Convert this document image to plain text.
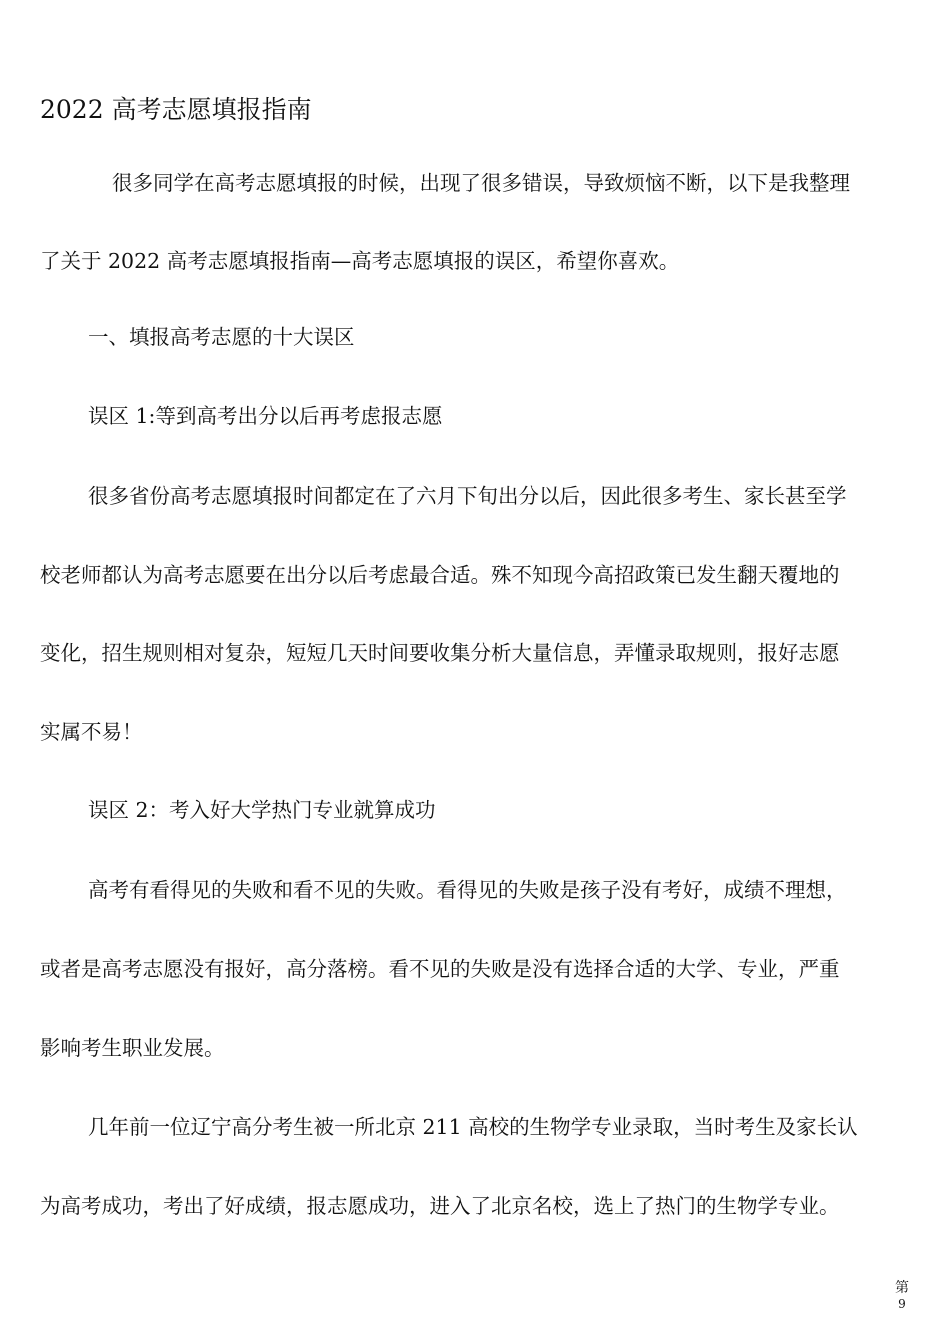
2022 高考志愿填报指南
很多同学在高考志愿填报的时候，出现了很多错误，导致烦恼不断，以下是我整理
了关于 2022 高考志愿填报指南—高考志愿填报的误区，希望你喜欢。
一、填报高考志愿的十大误区
误区 1:等到高考出分以后再考虑报志愿
很多省份高考志愿填报时间都定在了六月下旬出分以后，因此很多考生、家长甚至学
校老师都认为高考志愿要在出分以后考虑最合适。殊不知现今高招政策已发生翻天覆地的
变化，招生规则相对复杂，短短几天时间要收集分析大量信息，弄懂录取规则，报好志愿
实属不易！
误区 2：考入好大学热门专业就算成功
高考有看得见的失败和看不见的失败。看得见的失败是孩子没有考好，成绩不理想，
或者是高考志愿没有报好，高分落榜。看不见的失败是没有选择合适的大学、专业，严重
影响考生职业发展。
几年前一位辽宁高分考生被一所北京 211 高校的生物学专业录取，当时考生及家长认
为高考成功，考出了好成绩，报志愿成功，进入了北京名校，选上了热门的生物学专业。
第
9
